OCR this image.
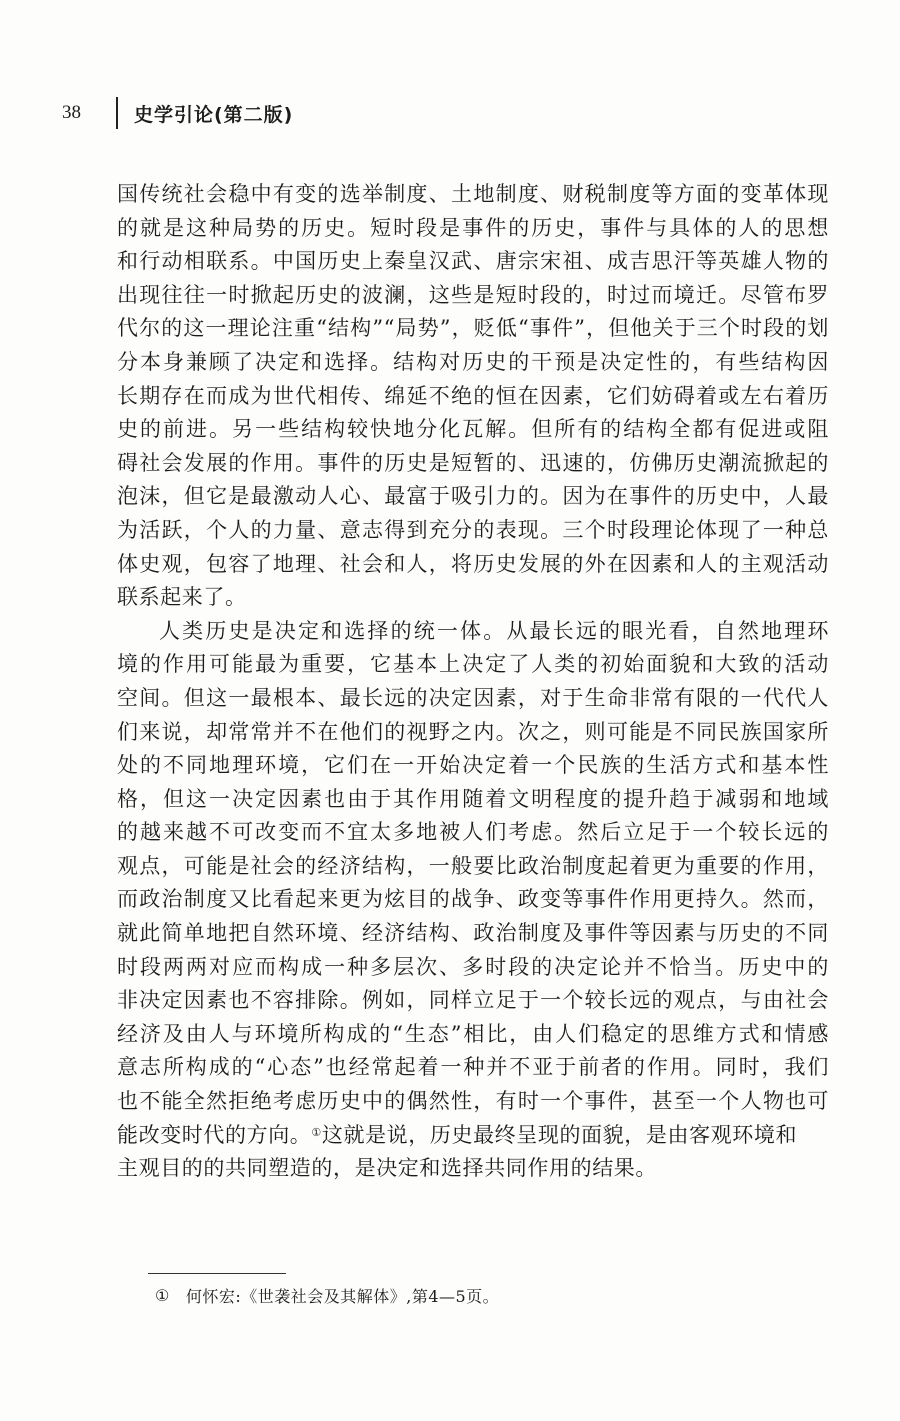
38	史学引论(第二版)
国传统社会稳中有变的选举制度、土地制度、财税制度等方面的变革体现
的就是这种局势的历史。短时段是事件的历史，事件与具体的人的思想
和行动相联系。中国历史上秦皇汉武、唐宗宋祖、成吉思汗等英雄人物的
出现往往一时掀起历史的波澜，这些是短时段的，时过而境迁。尽管布罗
代尔的这一理论注重“结构”“局势”，贬低“事件”，但他关于三个时段的划
分本身兼顾了决定和选择。结构对历史的干预是决定性的，有些结构因
长期存在而成为世代相传、绵延不绝的恒在因素，它们妨碍着或左右着历
史的前进。另一些结构较快地分化瓦解。但所有的结构全都有促进或阻
碍社会发展的作用。事件的历史是短暂的、迅速的，仿佛历史潮流掀起的
泡沫，但它是最激动人心、最富于吸引力的。因为在事件的历史中，人最
为活跃，个人的力量、意志得到充分的表现。三个时段理论体现了一种总
体史观，包容了地理、社会和人，将历史发展的外在因素和人的主观活动
联系起来了。
人类历史是决定和选择的统一体。从最长远的眼光看，自然地理环
境的作用可能最为重要，它基本上决定了人类的初始面貌和大致的活动
空间。但这一最根本、最长远的决定因素，对于生命非常有限的一代代人
们来说，却常常并不在他们的视野之内。次之，则可能是不同民族国家所
处的不同地理环境，它们在一开始决定着一个民族的生活方式和基本性
格，但这一决定因素也由于其作用随着文明程度的提升趋于减弱和地域
的越来越不可改变而不宜太多地被人们考虑。然后立足于一个较长远的
观点，可能是社会的经济结构，一般要比政治制度起着更为重要的作用，
而政治制度又比看起来更为炫目的战争、政变等事件作用更持久。然而，
就此简单地把自然环境、经济结构、政治制度及事件等因素与历史的不同
时段两两对应而构成一种多层次、多时段的决定论并不恰当。历史中的
非决定因素也不容排除。例如，同样立足于一个较长远的观点，与由社会
经济及由人与环境所构成的“生态”相比，由人们稳定的思维方式和情感
意志所构成的“心态”也经常起着一种并不亚于前者的作用。同时，我们
也不能全然拒绝考虑历史中的偶然性，有时一个事件，甚至一个人物也可
能改变时代的方向。①这就是说，历史最终呈现的面貌，是由客观环境和
主观目的的共同塑造的，是决定和选择共同作用的结果。
① 何怀宏:《世袭社会及其解体》,第4—5页。
